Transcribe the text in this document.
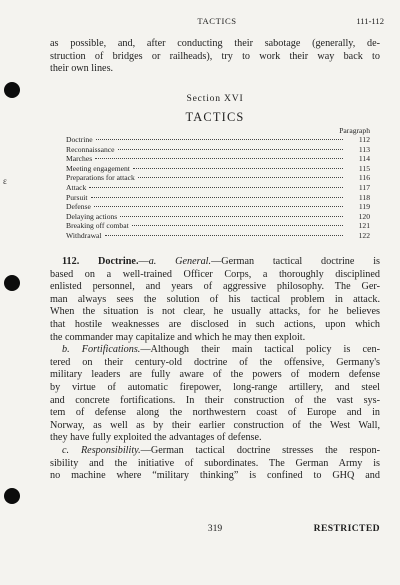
ε
TACTICS	111-112
as possible, and, after conducting their sabotage (generally, de-
struction of bridges or railheads), try to work their way back to
their own lines.
Section XVI
TACTICS
Paragraph
Doctrine	112
Reconnaissance	113
Marches	114
Meeting engagement	115
Preparations for attack	116
Attack	117
Pursuit	118
Defense	119
Delaying actions	120
Breaking off combat	121
Withdrawal	122
112. Doctrine.—a. General.—German tactical doctrine is
based on a well-trained Officer Corps, a thoroughly disciplined
enlisted personnel, and years of aggressive philosophy. The Ger-
man always sees the solution of his tactical problem in attack.
When the situation is not clear, he usually attacks, for he believes
that hostile weaknesses are disclosed in such actions, upon which
the commander may capitalize and which he may then exploit.
b. Fortifications.—Although their main tactical policy is cen-
tered on their century-old doctrine of the offensive, Germany's
military leaders are fully aware of the powers of modern defense
by virtue of automatic firepower, long-range artillery, and steel
and concrete fortifications. In their construction of the vast sys-
tem of defense along the northwestern coast of Europe and in
Norway, as well as by their earlier construction of the West Wall,
they have fully exploited the advantages of defense.
c. Responsibility.—German tactical doctrine stresses the respon-
sibility and the initiative of subordinates. The German Army is
no machine where “military thinking” is confined to GHQ and
319	RESTRICTED
